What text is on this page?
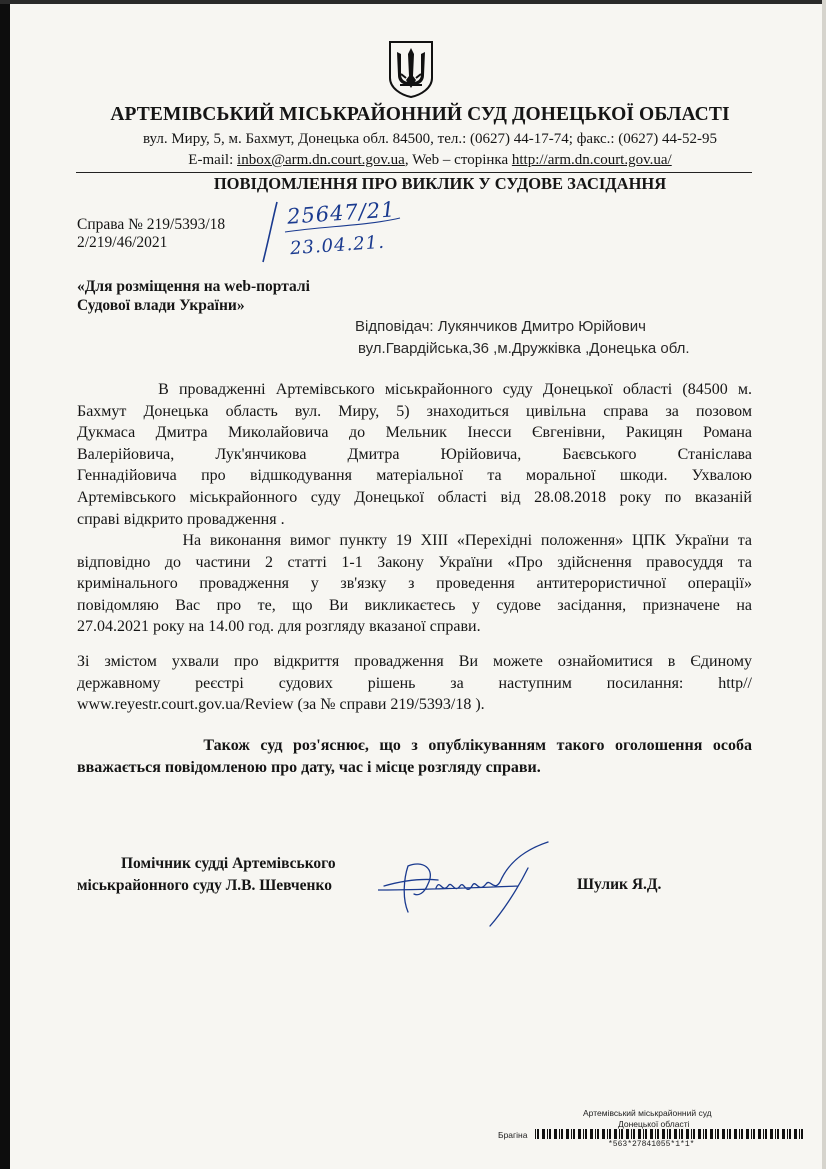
АРТЕМІВСЬКИЙ МІСЬКРАЙОННИЙ СУД ДОНЕЦЬКОЇ ОБЛАСТІ
вул. Миру, 5, м. Бахмут, Донецька обл. 84500, тел.: (0627) 44-17-74; факс.: (0627) 44-52-95
E-mail: inbox@arm.dn.court.gov.ua, Web – сторінка http://arm.dn.court.gov.ua/
ПОВІДОМЛЕННЯ ПРО ВИКЛИК У СУДОВЕ ЗАСІДАННЯ
Справа № 219/5393/18
2/219/46/2021
25647/21
23.04.21.
«Для розміщення на web-порталі
Судової влади України»
Відповідач: Лукянчиков Дмитро Юрійович
вул.Гвардійська,36 ,м.Дружківка ,Донецька обл.
В провадженні Артемівського міськрайонного суду Донецької області (84500 м.
Бахмут Донецька область вул. Миру, 5) знаходиться цивільна справа за позовом
Дукмаса Дмитра Миколайовича до Мельник Інесси Євгенівни, Ракицян Романа
Валерійовича, Лук'янчикова Дмитра Юрійовича, Баєвського Станіслава
Геннадійовича про відшкодування матеріальної та моральної шкоди. Ухвалою
Артемівського міськрайонного суду Донецької області від 28.08.2018 року по вказаній
справі відкрито провадження .
На виконання вимог пункту 19 XIII «Перехідні положення» ЦПК України та
відповідно до частини 2 статті 1-1 Закону України «Про здійснення правосуддя та
кримінального провадження у зв'язку з проведення антитерористичної операції»
повідомляю Вас про те, що Ви викликаєтесь у судове засідання, призначене на
27.04.2021 року на 14.00 год. для розгляду вказаної справи.
Зі змістом ухвали про відкриття провадження Ви можете ознайомитися в Єдиному
державному реєстрі судових рішень за наступним посилання: http//
www.reyestr.court.gov.ua/Review (за № справи 219/5393/18 ).
Також суд роз'яснює, що з опублікуванням такого оголошення особа
вважається повідомленою про дату, час і місце розгляду справи.
Помічник судді Артемівського
міськрайонного суду Л.В. Шевченко	Шулик Я.Д.
Артемівський міськрайонний суд
Донецької області
Брагіна
*563*27841055*1*1*
